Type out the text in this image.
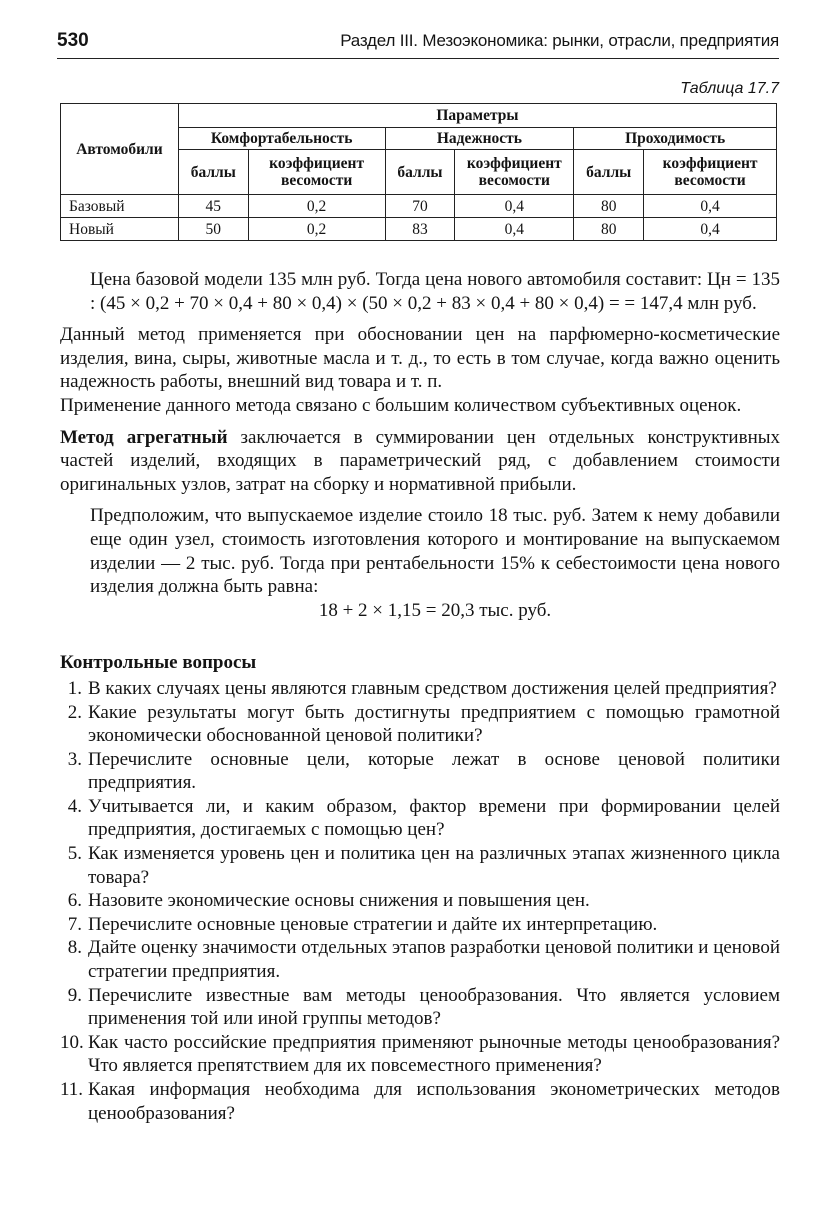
530	Раздел III. Мезоэкономика: рынки, отрасли, предприятия
Таблица 17.7
Автомобили	Параметры					
	Комфортабельность		Надежность		Проходимость	
	баллы	коэффициент весомости	баллы	коэффициент весомости	баллы	коэффициент весомости
Базовый	45	0,2	70	0,4	80	0,4
Новый	50	0,2	83	0,4	80	0,4

Цена базовой модели 135 млн руб. Тогда цена нового автомобиля составит: Цн = 135 : (45 × 0,2 + 70 × 0,4 + 80 × 0,4) × (50 × 0,2 + 83 × 0,4 + 80 × 0,4) = = 147,4 млн руб.

Данный метод применяется при обосновании цен на парфюмерно-косметические изделия, вина, сыры, животные масла и т. д., то есть в том случае, когда важно оценить надежность работы, внешний вид товара и т. п.

Применение данного метода связано с большим количеством субъективных оценок.

Метод агрегатный заключается в суммировании цен отдельных конструктивных частей изделий, входящих в параметрический ряд, с добавлением стоимости оригинальных узлов, затрат на сборку и нормативной прибыли.

Предположим, что выпускаемое изделие стоило 18 тыс. руб. Затем к нему добавили еще один узел, стоимость изготовления которого и монтирование на выпускаемом изделии — 2 тыс. руб. Тогда при рентабельности 15% к себестоимости цена нового изделия должна быть равна:

18 + 2 × 1,15 = 20,3 тыс. руб.

Контрольные вопросы

1. В каких случаях цены являются главным средством достижения целей предприятия?
2. Какие результаты могут быть достигнуты предприятием с помощью грамотной экономически обоснованной ценовой политики?
3. Перечислите основные цели, которые лежат в основе ценовой политики предприятия.
4. Учитывается ли, и каким образом, фактор времени при формировании целей предприятия, достигаемых с помощью цен?
5. Как изменяется уровень цен и политика цен на различных этапах жизненного цикла товара?
6. Назовите экономические основы снижения и повышения цен.
7. Перечислите основные ценовые стратегии и дайте их интерпретацию.
8. Дайте оценку значимости отдельных этапов разработки ценовой политики и ценовой стратегии предприятия.
9. Перечислите известные вам методы ценообразования. Что является условием применения той или иной группы методов?
10. Как часто российские предприятия применяют рыночные методы ценообразования? Что является препятствием для их повсеместного применения?
11. Какая информация необходима для использования эконометрических методов ценообразования?
